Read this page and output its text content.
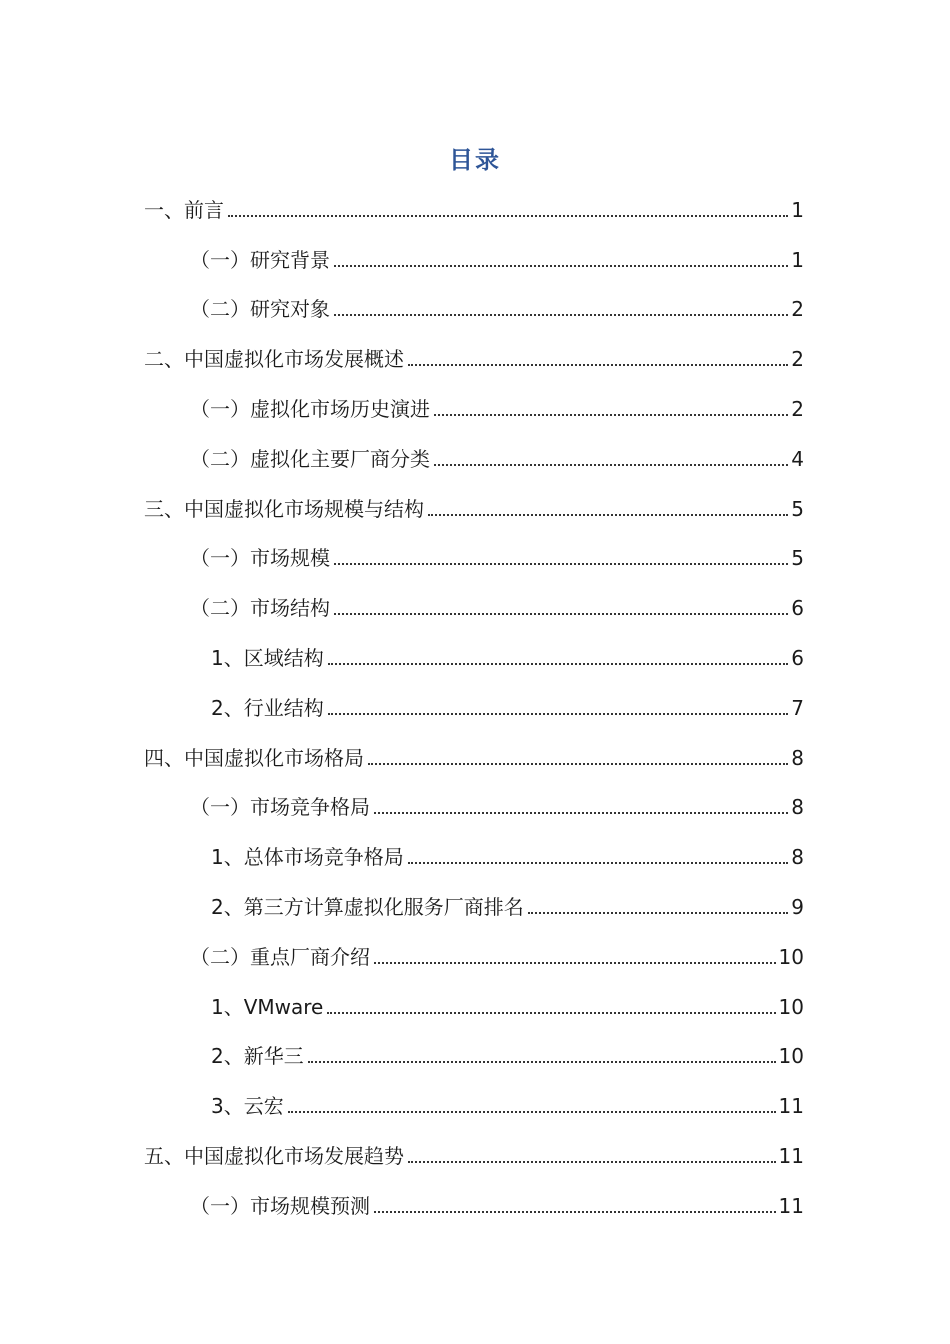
目录
一、前言	1
（一）研究背景	1
（二）研究对象	2
二、中国虚拟化市场发展概述	2
（一）虚拟化市场历史演进	2
（二）虚拟化主要厂商分类	4
三、中国虚拟化市场规模与结构	5
（一）市场规模	5
（二）市场结构	6
1、区域结构	6
2、行业结构	7
四、中国虚拟化市场格局	8
（一）市场竞争格局	8
1、总体市场竞争格局	8
2、第三方计算虚拟化服务厂商排名	9
（二）重点厂商介绍	10
1、VMware	10
2、新华三	10
3、云宏	11
五、中国虚拟化市场发展趋势	11
（一）市场规模预测	11
